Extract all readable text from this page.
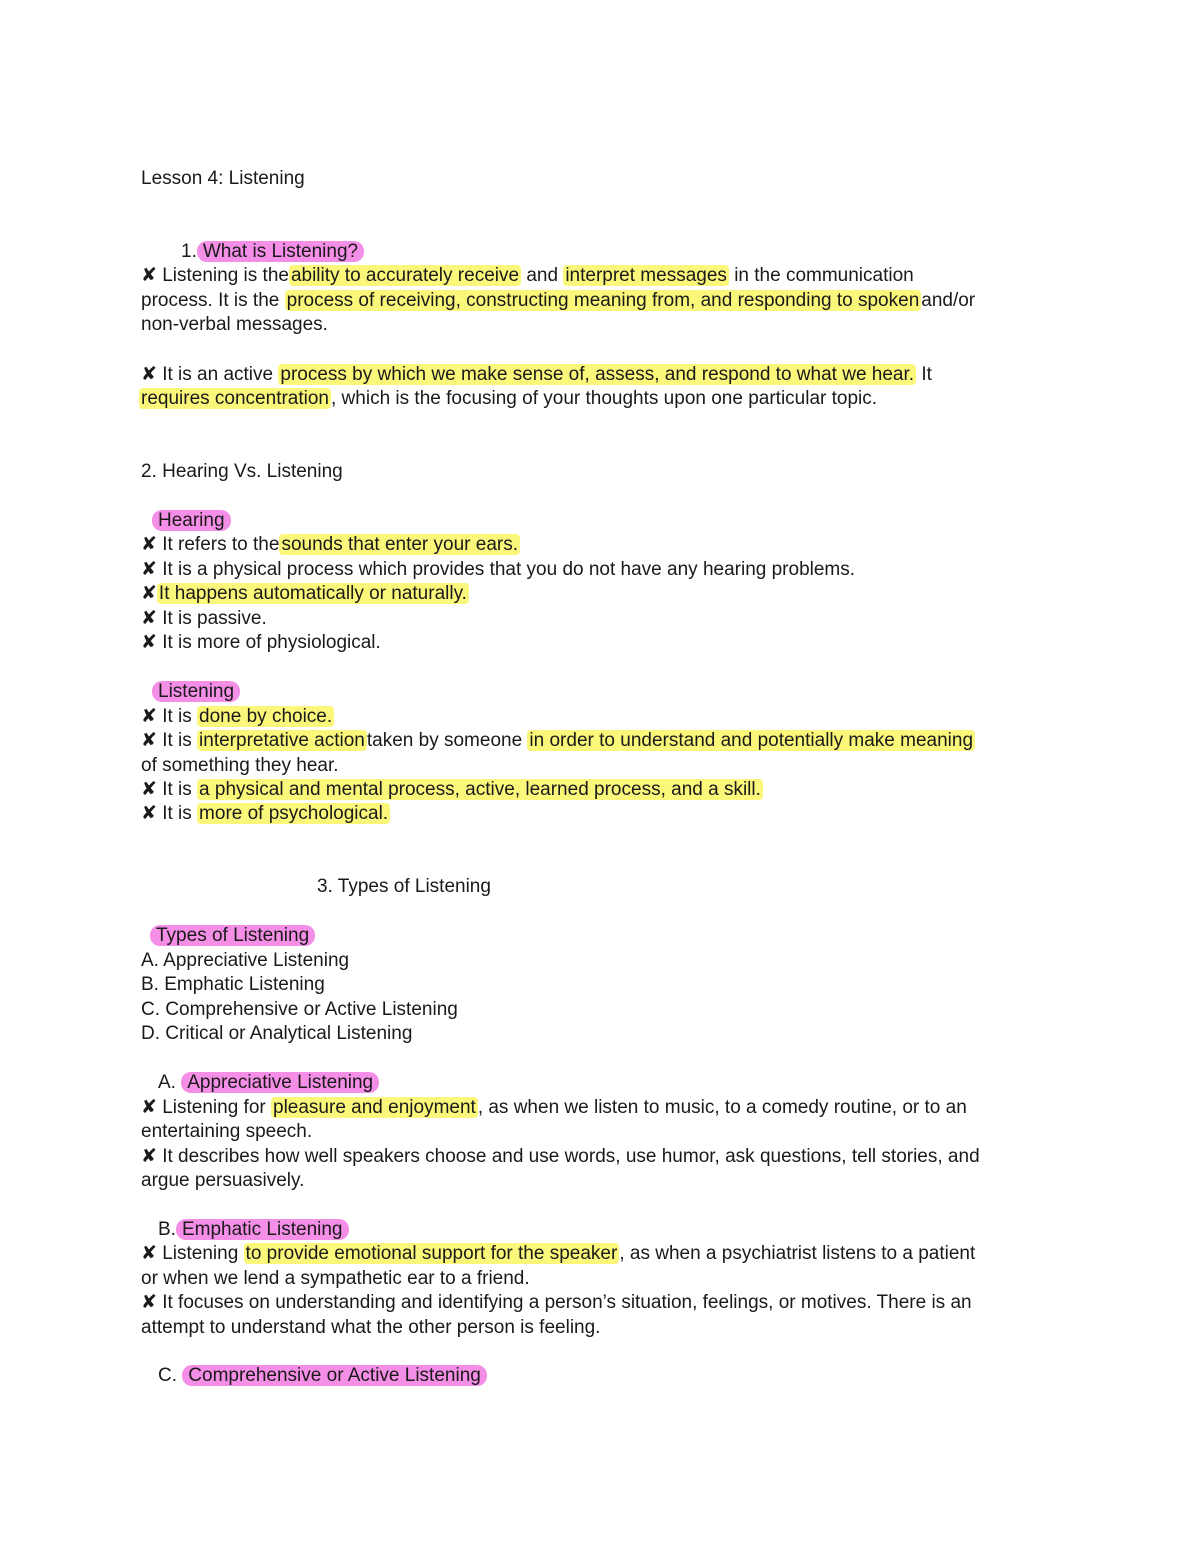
Lesson 4: Listening
1. What is Listening?
✘ Listening is the ability to accurately receive and interpret messages in the communication
process. It is the process of receiving, constructing meaning from, and responding to spoken and/or
non-verbal messages.
✘ It is an active process by which we make sense of, assess, and respond to what we hear. It
requires concentration , which is the focusing of your thoughts upon one particular topic.
2. Hearing Vs. Listening
Hearing
✘ It refers to the sounds that enter your ears.
✘ It is a physical process which provides that you do not have any hearing problems.
✘ It happens automatically or naturally.
✘ It is passive.
✘ It is more of physiological.
Listening
✘ It is done by choice.
✘ It is interpretative action taken by someone in order to understand and potentially make meaning
of something they hear.
✘ It is a physical and mental process, active, learned process, and a skill.
✘ It is more of psychological.
3. Types of Listening
Types of Listening
A. Appreciative Listening
B. Emphatic Listening
C. Comprehensive or Active Listening
D. Critical or Analytical Listening
A. Appreciative Listening
✘ Listening for pleasure and enjoyment , as when we listen to music, to a comedy routine, or to an
entertaining speech.
✘ It describes how well speakers choose and use words, use humor, ask questions, tell stories, and
argue persuasively.
B. Emphatic Listening
✘ Listening to provide emotional support for the speaker , as when a psychiatrist listens to a patient
or when we lend a sympathetic ear to a friend.
✘ It focuses on understanding and identifying a person’s situation, feelings, or motives. There is an
attempt to understand what the other person is feeling.
C. Comprehensive or Active Listening
